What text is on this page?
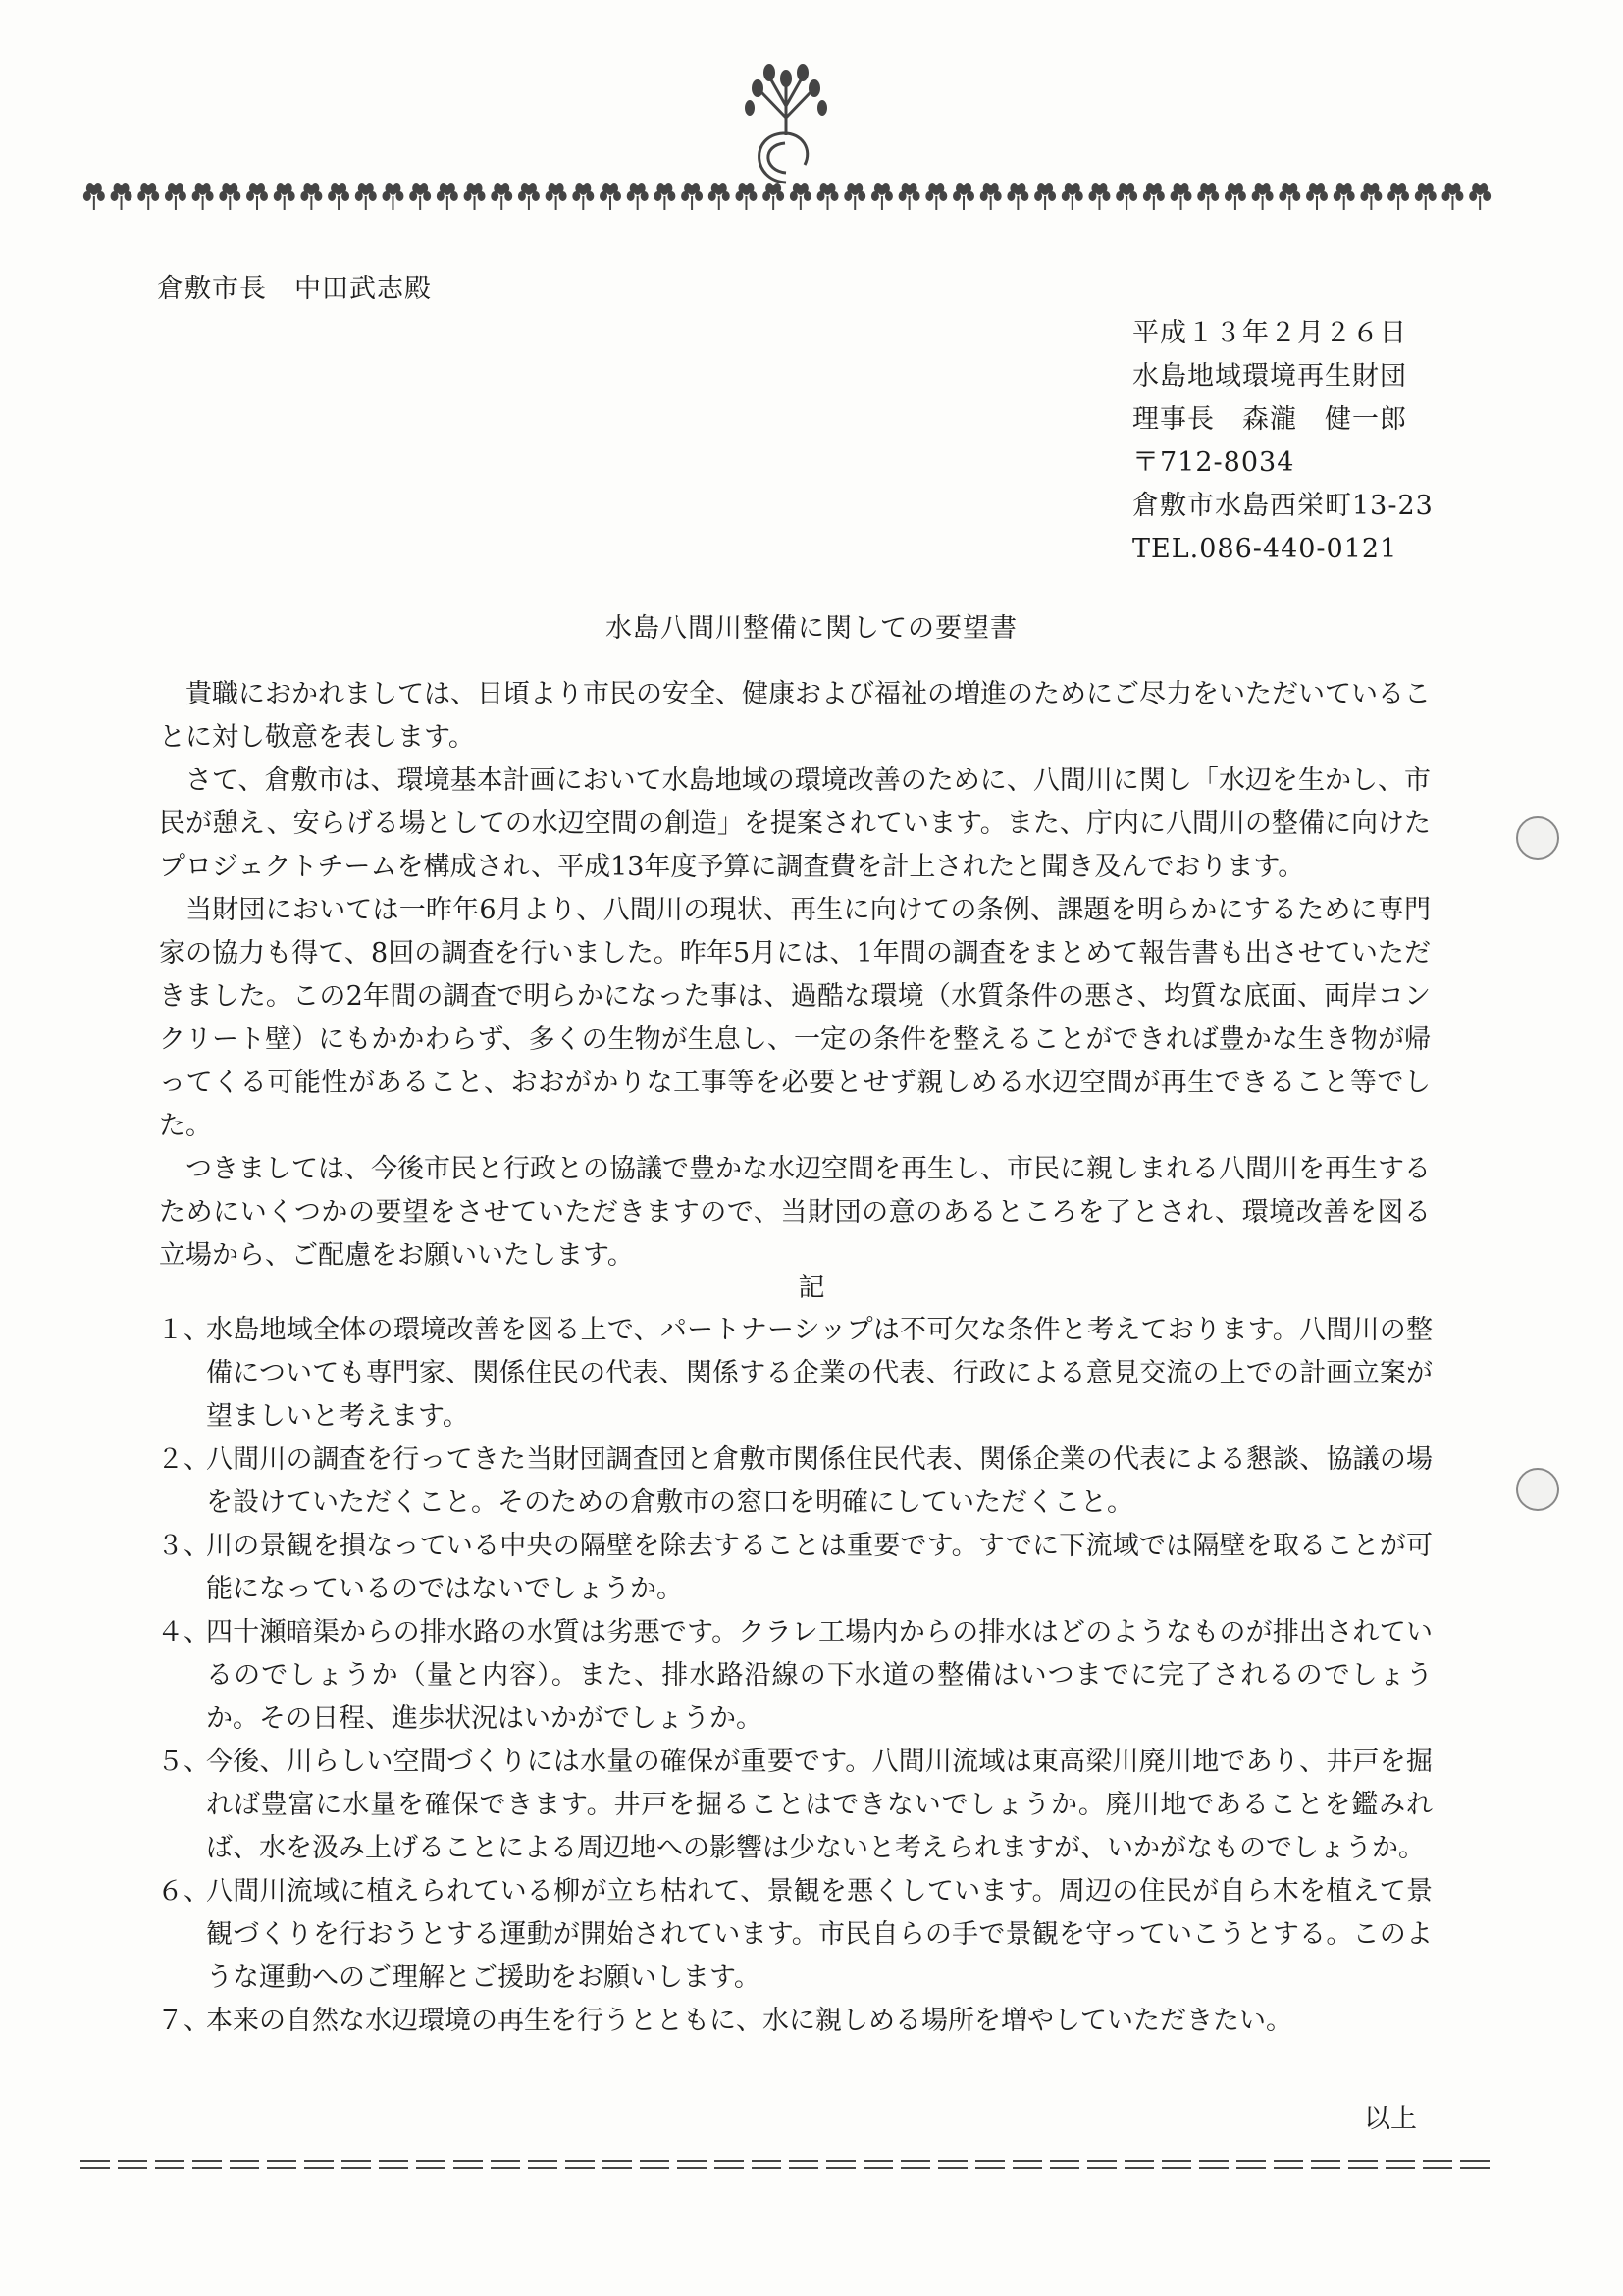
倉敷市長　中田武志殿
平成１３年２月２６日
水島地域環境再生財団
理事長　森瀧　健一郎
〒712-8034
倉敷市水島西栄町13-23
TEL.086-440-0121
水島八間川整備に関しての要望書

貴職におかれましては、日頃より市民の安全、健康および福祉の増進のためにご尽力をいただいていることに対し敬意を表します。

さて、倉敷市は、環境基本計画において水島地域の環境改善のために、八間川に関し「水辺を生かし、市民が憩え、安らげる場としての水辺空間の創造」を提案されています。また、庁内に八間川の整備に向けたプロジェクトチームを構成され、平成13年度予算に調査費を計上されたと聞き及んでおります。

当財団においては一昨年6月より、八間川の現状、再生に向けての条例、課題を明らかにするために専門家の協力も得て、8回の調査を行いました。昨年5月には、1年間の調査をまとめて報告書も出させていただきました。この2年間の調査で明らかになった事は、過酷な環境（水質条件の悪さ、均質な底面、両岸コンクリート壁）にもかかわらず、多くの生物が生息し、一定の条件を整えることができれば豊かな生き物が帰ってくる可能性があること、おおがかりな工事等を必要とせず親しめる水辺空間が再生できること等でした。

つきましては、今後市民と行政との協議で豊かな水辺空間を再生し、市民に親しまれる八間川を再生するためにいくつかの要望をさせていただきますので、当財団の意のあるところを了とされ、環境改善を図る立場から、ご配慮をお願いいたします。

記
１、
水島地域全体の環境改善を図る上で、パートナーシップは不可欠な条件と考えております。八間川の整備についても専門家、関係住民の代表、関係する企業の代表、行政による意見交流の上での計画立案が望ましいと考えます。
２、
八間川の調査を行ってきた当財団調査団と倉敷市関係住民代表、関係企業の代表による懇談、協議の場を設けていただくこと。そのための倉敷市の窓口を明確にしていただくこと。
３、
川の景観を損なっている中央の隔壁を除去することは重要です。すでに下流域では隔壁を取ることが可能になっているのではないでしょうか。
４、
四十瀬暗渠からの排水路の水質は劣悪です。クラレ工場内からの排水はどのようなものが排出されているのでしょうか（量と内容）。また、排水路沿線の下水道の整備はいつまでに完了されるのでしょうか。その日程、進歩状況はいかがでしょうか。
５、
今後、川らしい空間づくりには水量の確保が重要です。八間川流域は東高梁川廃川地であり、井戸を掘れば豊富に水量を確保できます。井戸を掘ることはできないでしょうか。廃川地であることを鑑みれば、水を汲み上げることによる周辺地への影響は少ないと考えられますが、いかがなものでしょうか。
６、
八間川流域に植えられている柳が立ち枯れて、景観を悪くしています。周辺の住民が自ら木を植えて景観づくりを行おうとする運動が開始されています。市民自らの手で景観を守っていこうとする。このような運動へのご理解とご援助をお願いします。
７、
本来の自然な水辺環境の再生を行うとともに、水に親しめる場所を増やしていただきたい。
以上
